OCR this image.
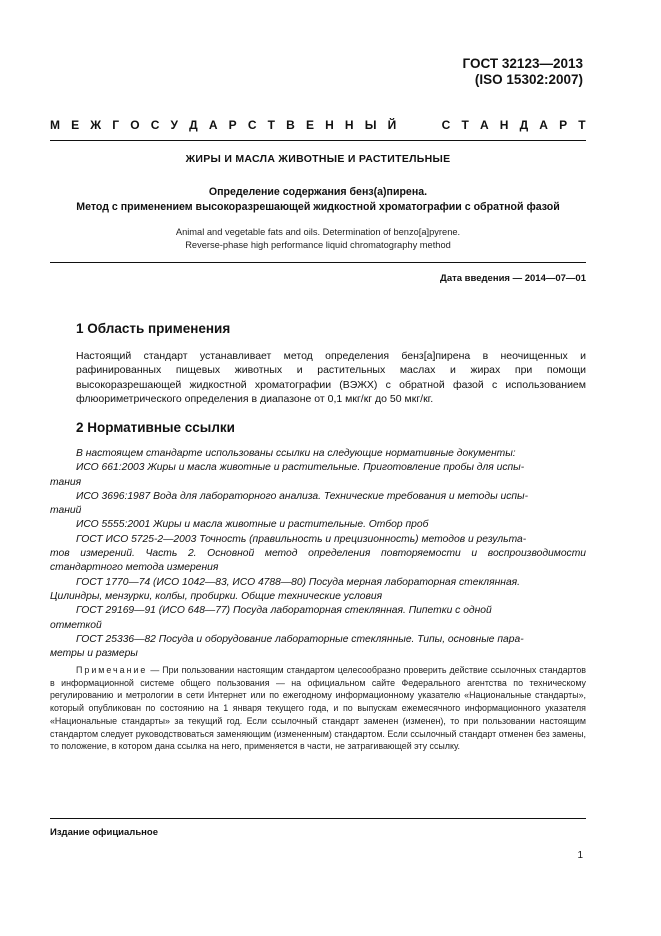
ГОСТ 32123—2013
(ISO 15302:2007)
М Е Ж Г О С У Д А Р С Т В Е Н Н Ы Й	С Т А Н Д А Р Т
ЖИРЫ И МАСЛА ЖИВОТНЫЕ И РАСТИТЕЛЬНЫЕ
Определение содержания бенз(а)пирена.
Метод с применением высокоразрешающей жидкостной хроматографии с обратной фазой
Animal and vegetable fats and oils. Determination of benzo[a]pyrene.
Reverse-phase high performance liquid chromatography method
Дата введения — 2014—07—01
1 Область применения

Настоящий стандарт устанавливает метод определения бенз[а]пирена в неочищенных и рафинированных пищевых животных и растительных маслах и жирах при помощи высокоразрешающей жидкостной хроматографии (ВЭЖХ) с обратной фазой с использованием флюориметрического определения в диапазоне от 0,1 мкг/кг до 50 мкг/кг.

2 Нормативные ссылки

В настоящем стандарте использованы ссылки на следующие нормативные документы:

ИСО 661:2003 Жиры и масла животные и растительные. Приготовление пробы для испы-
тания

ИСО 3696:1987 Вода для лабораторного анализа. Технические требования и методы испы-
таний

ИСО 5555:2001 Жиры и масла животные и растительные. Отбор проб

ГОСТ ИСО 5725-2—2003 Точность (правильность и прецизионность) методов и результа-
тов измерений. Часть 2. Основной метод определения повторяемости и воспроизводимости стандартного метода измерения

ГОСТ 1770—74 (ИСО 1042—83, ИСО 4788—80) Посуда мерная лабораторная стеклянная.
Цилиндры, мензурки, колбы, пробирки. Общие технические условия

ГОСТ 29169—91 (ИСО 648—77) Посуда лабораторная стеклянная. Пипетки с одной
отметкой

ГОСТ 25336—82 Посуда и оборудование лабораторные стеклянные. Типы, основные пара-
метры и размеры

Примечание — При пользовании настоящим стандартом целесообразно проверить действие ссылочных стандартов в информационной системе общего пользования — на официальном сайте Федерального агентства по техническому регулированию и метрологии в сети Интернет или по ежегодному информационному указателю «Национальные стандарты», который опубликован по состоянию на 1 января текущего года, и по выпускам ежемесячного информационного указателя «Национальные стандарты» за текущий год. Если ссылочный стандарт заменен (изменен), то при пользовании настоящим стандартом следует руководствоваться заменяющим (измененным) стандартом. Если ссылочный стандарт отменен без замены, то положение, в котором дана ссылка на него, применяется в части, не затрагивающей эту ссылку.
Издание официальное
1
